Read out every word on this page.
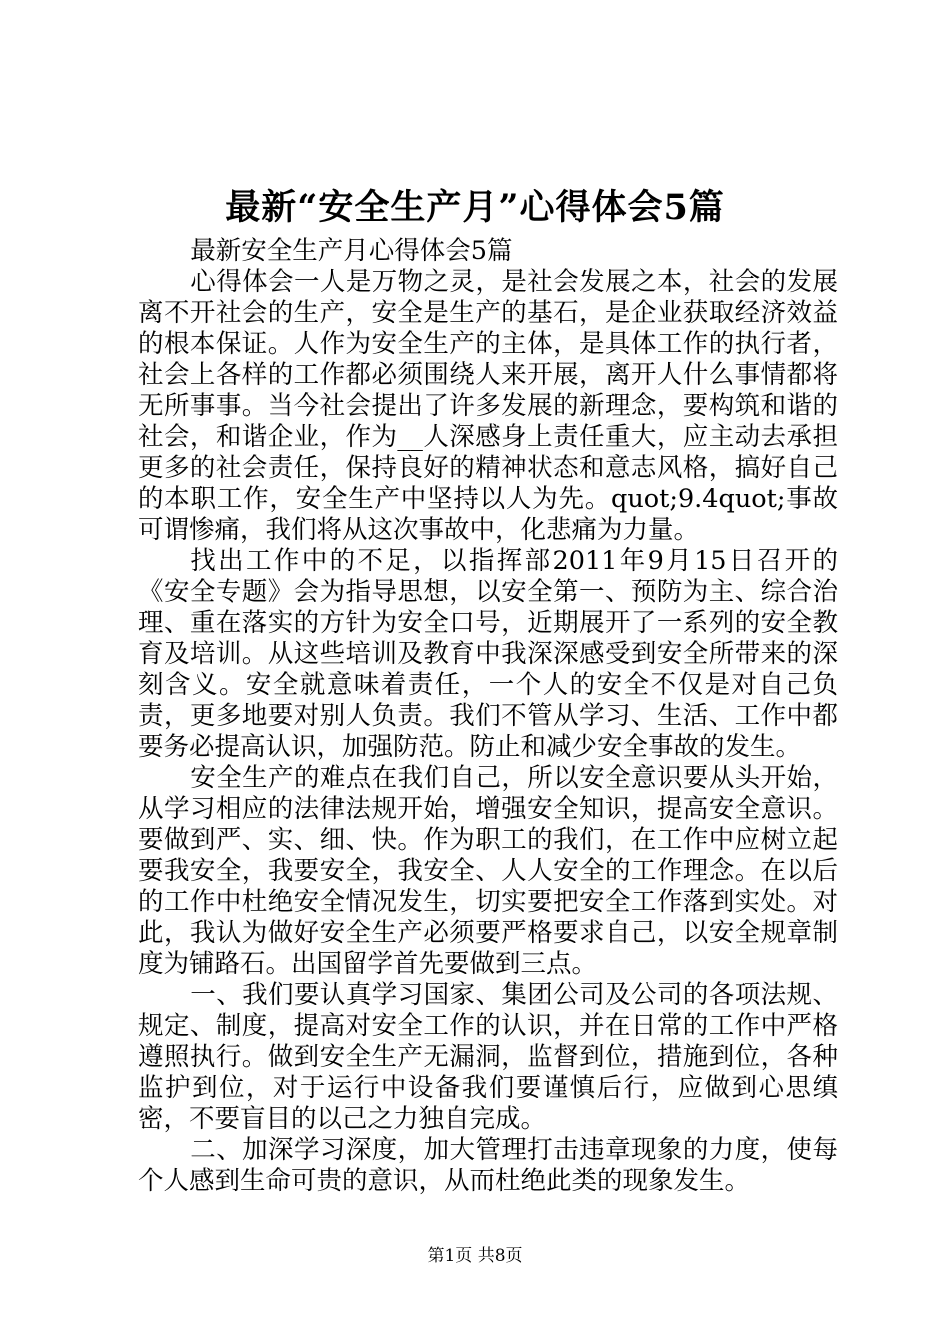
最新“安全生产月”心得体会5篇

最新安全生产月心得体会5篇

心得体会一人是万物之灵，是社会发展之本，社会的发展离不开社会的生产，安全是生产的基石，是企业获取经济效益的根本保证。人作为安全生产的主体，是具体工作的执行者，社会上各样的工作都必须围绕人来开展，离开人什么事情都将无所事事。当今社会提出了许多发展的新理念，要构筑和谐的社会，和谐企业，作为__人深感身上责任重大，应主动去承担更多的社会责任，保持良好的精神状态和意志风格，搞好自己的本职工作，安全生产中坚持以人为先。quot;9.4quot;事故可谓惨痛，我们将从这次事故中，化悲痛为力量。

找出工作中的不足，以指挥部2011年9月15日召开的《安全专题》会为指导思想，以安全第一、预防为主、综合治理、重在落实的方针为安全口号，近期展开了一系列的安全教育及培训。从这些培训及教育中我深深感受到安全所带来的深刻含义。安全就意味着责任，一个人的安全不仅是对自己负责，更多地要对别人负责。我们不管从学习、生活、工作中都要务必提高认识，加强防范。防止和减少安全事故的发生。

安全生产的难点在我们自己，所以安全意识要从头开始，从学习相应的法律法规开始，增强安全知识，提高安全意识。要做到严、实、细、快。作为职工的我们，在工作中应树立起要我安全，我要安全，我安全、人人安全的工作理念。在以后的工作中杜绝安全情况发生，切实要把安全工作落到实处。对此，我认为做好安全生产必须要严格要求自己，以安全规章制度为铺路石。出国留学首先要做到三点。

一、我们要认真学习国家、集团公司及公司的各项法规、规定、制度，提高对安全工作的认识，并在日常的工作中严格遵照执行。做到安全生产无漏洞，监督到位，措施到位，各种监护到位，对于运行中设备我们要谨慎后行，应做到心思缜密，不要盲目的以己之力独自完成。

二、加深学习深度，加大管理打击违章现象的力度，使每个人感到生命可贵的意识，从而杜绝此类的现象发生。

第1页 共8页
